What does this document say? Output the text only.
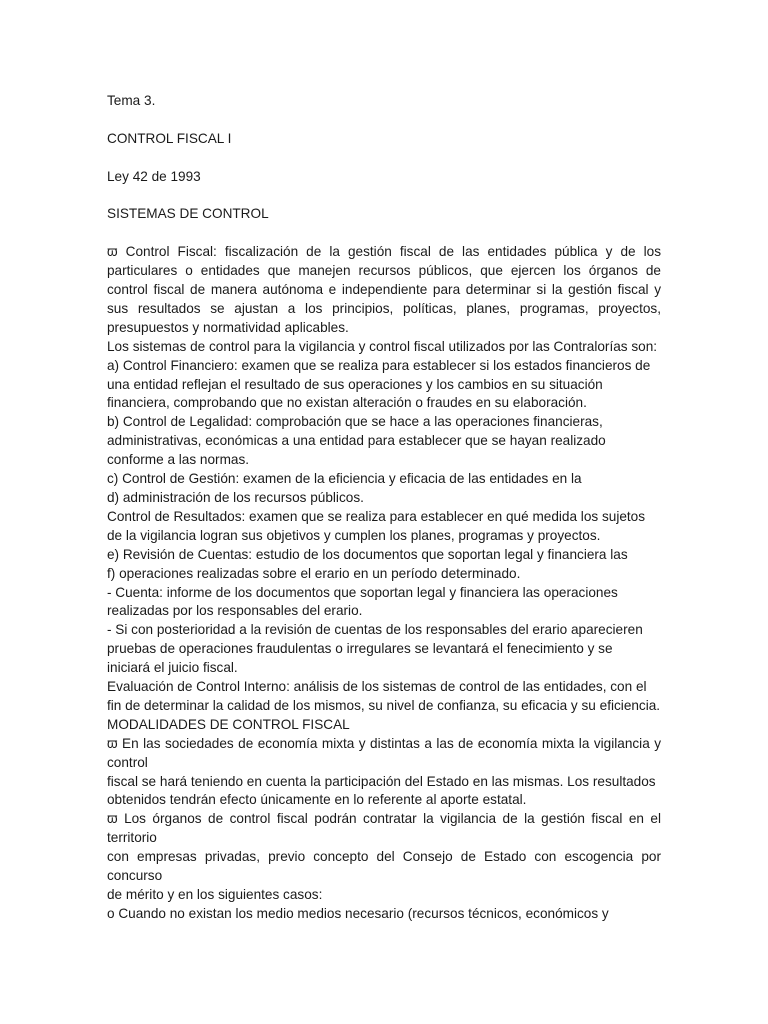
Tema 3.
CONTROL FISCAL I
Ley 42 de 1993
SISTEMAS DE CONTROL
ϖ Control Fiscal: fiscalización de la gestión fiscal de las entidades pública y de los
particulares o entidades que manejen recursos públicos, que ejercen los órganos de
control fiscal de manera autónoma e independiente para determinar si la gestión fiscal y
sus resultados se ajustan a los principios, políticas, planes, programas, proyectos,
presupuestos y normatividad aplicables.
Los sistemas de control para la vigilancia y control fiscal utilizados por las Contralorías son:
a) Control Financiero: examen que se realiza para establecer si los estados financieros de
una entidad reflejan el resultado de sus operaciones y los cambios en su situación
financiera, comprobando que no existan alteración o fraudes en su elaboración.
b) Control de Legalidad: comprobación que se hace a las operaciones financieras,
administrativas, económicas a una entidad para establecer que se hayan realizado
conforme a las normas.
c) Control de Gestión: examen de la eficiencia y eficacia de las entidades en la
d) administración de los recursos públicos.
Control de Resultados: examen que se realiza para establecer en qué medida los sujetos
de la vigilancia logran sus objetivos y cumplen los planes, programas y proyectos.
e) Revisión de Cuentas: estudio de los documentos que soportan legal y financiera las
f) operaciones realizadas sobre el erario en un período determinado.
- Cuenta: informe de los documentos que soportan legal y financiera las operaciones
realizadas por los responsables del erario.
- Si con posterioridad a la revisión de cuentas de los responsables del erario aparecieren
pruebas de operaciones fraudulentas o irregulares se levantará el fenecimiento y se
iniciará el juicio fiscal.
Evaluación de Control Interno: análisis de los sistemas de control de las entidades, con el
fin de determinar la calidad de los mismos, su nivel de confianza, su eficacia y su eficiencia.
MODALIDADES DE CONTROL FISCAL
ϖ En las sociedades de economía mixta y distintas a las de economía mixta la vigilancia y
control
fiscal se hará teniendo en cuenta la participación del Estado en las mismas. Los resultados
obtenidos tendrán efecto únicamente en lo referente al aporte estatal.
ϖ Los órganos de control fiscal podrán contratar la vigilancia de la gestión fiscal en el
territorio
con empresas privadas, previo concepto del Consejo de Estado con escogencia por
concurso
de mérito y en los siguientes casos:
o Cuando no existan los medio medios necesario (recursos técnicos, económicos y
